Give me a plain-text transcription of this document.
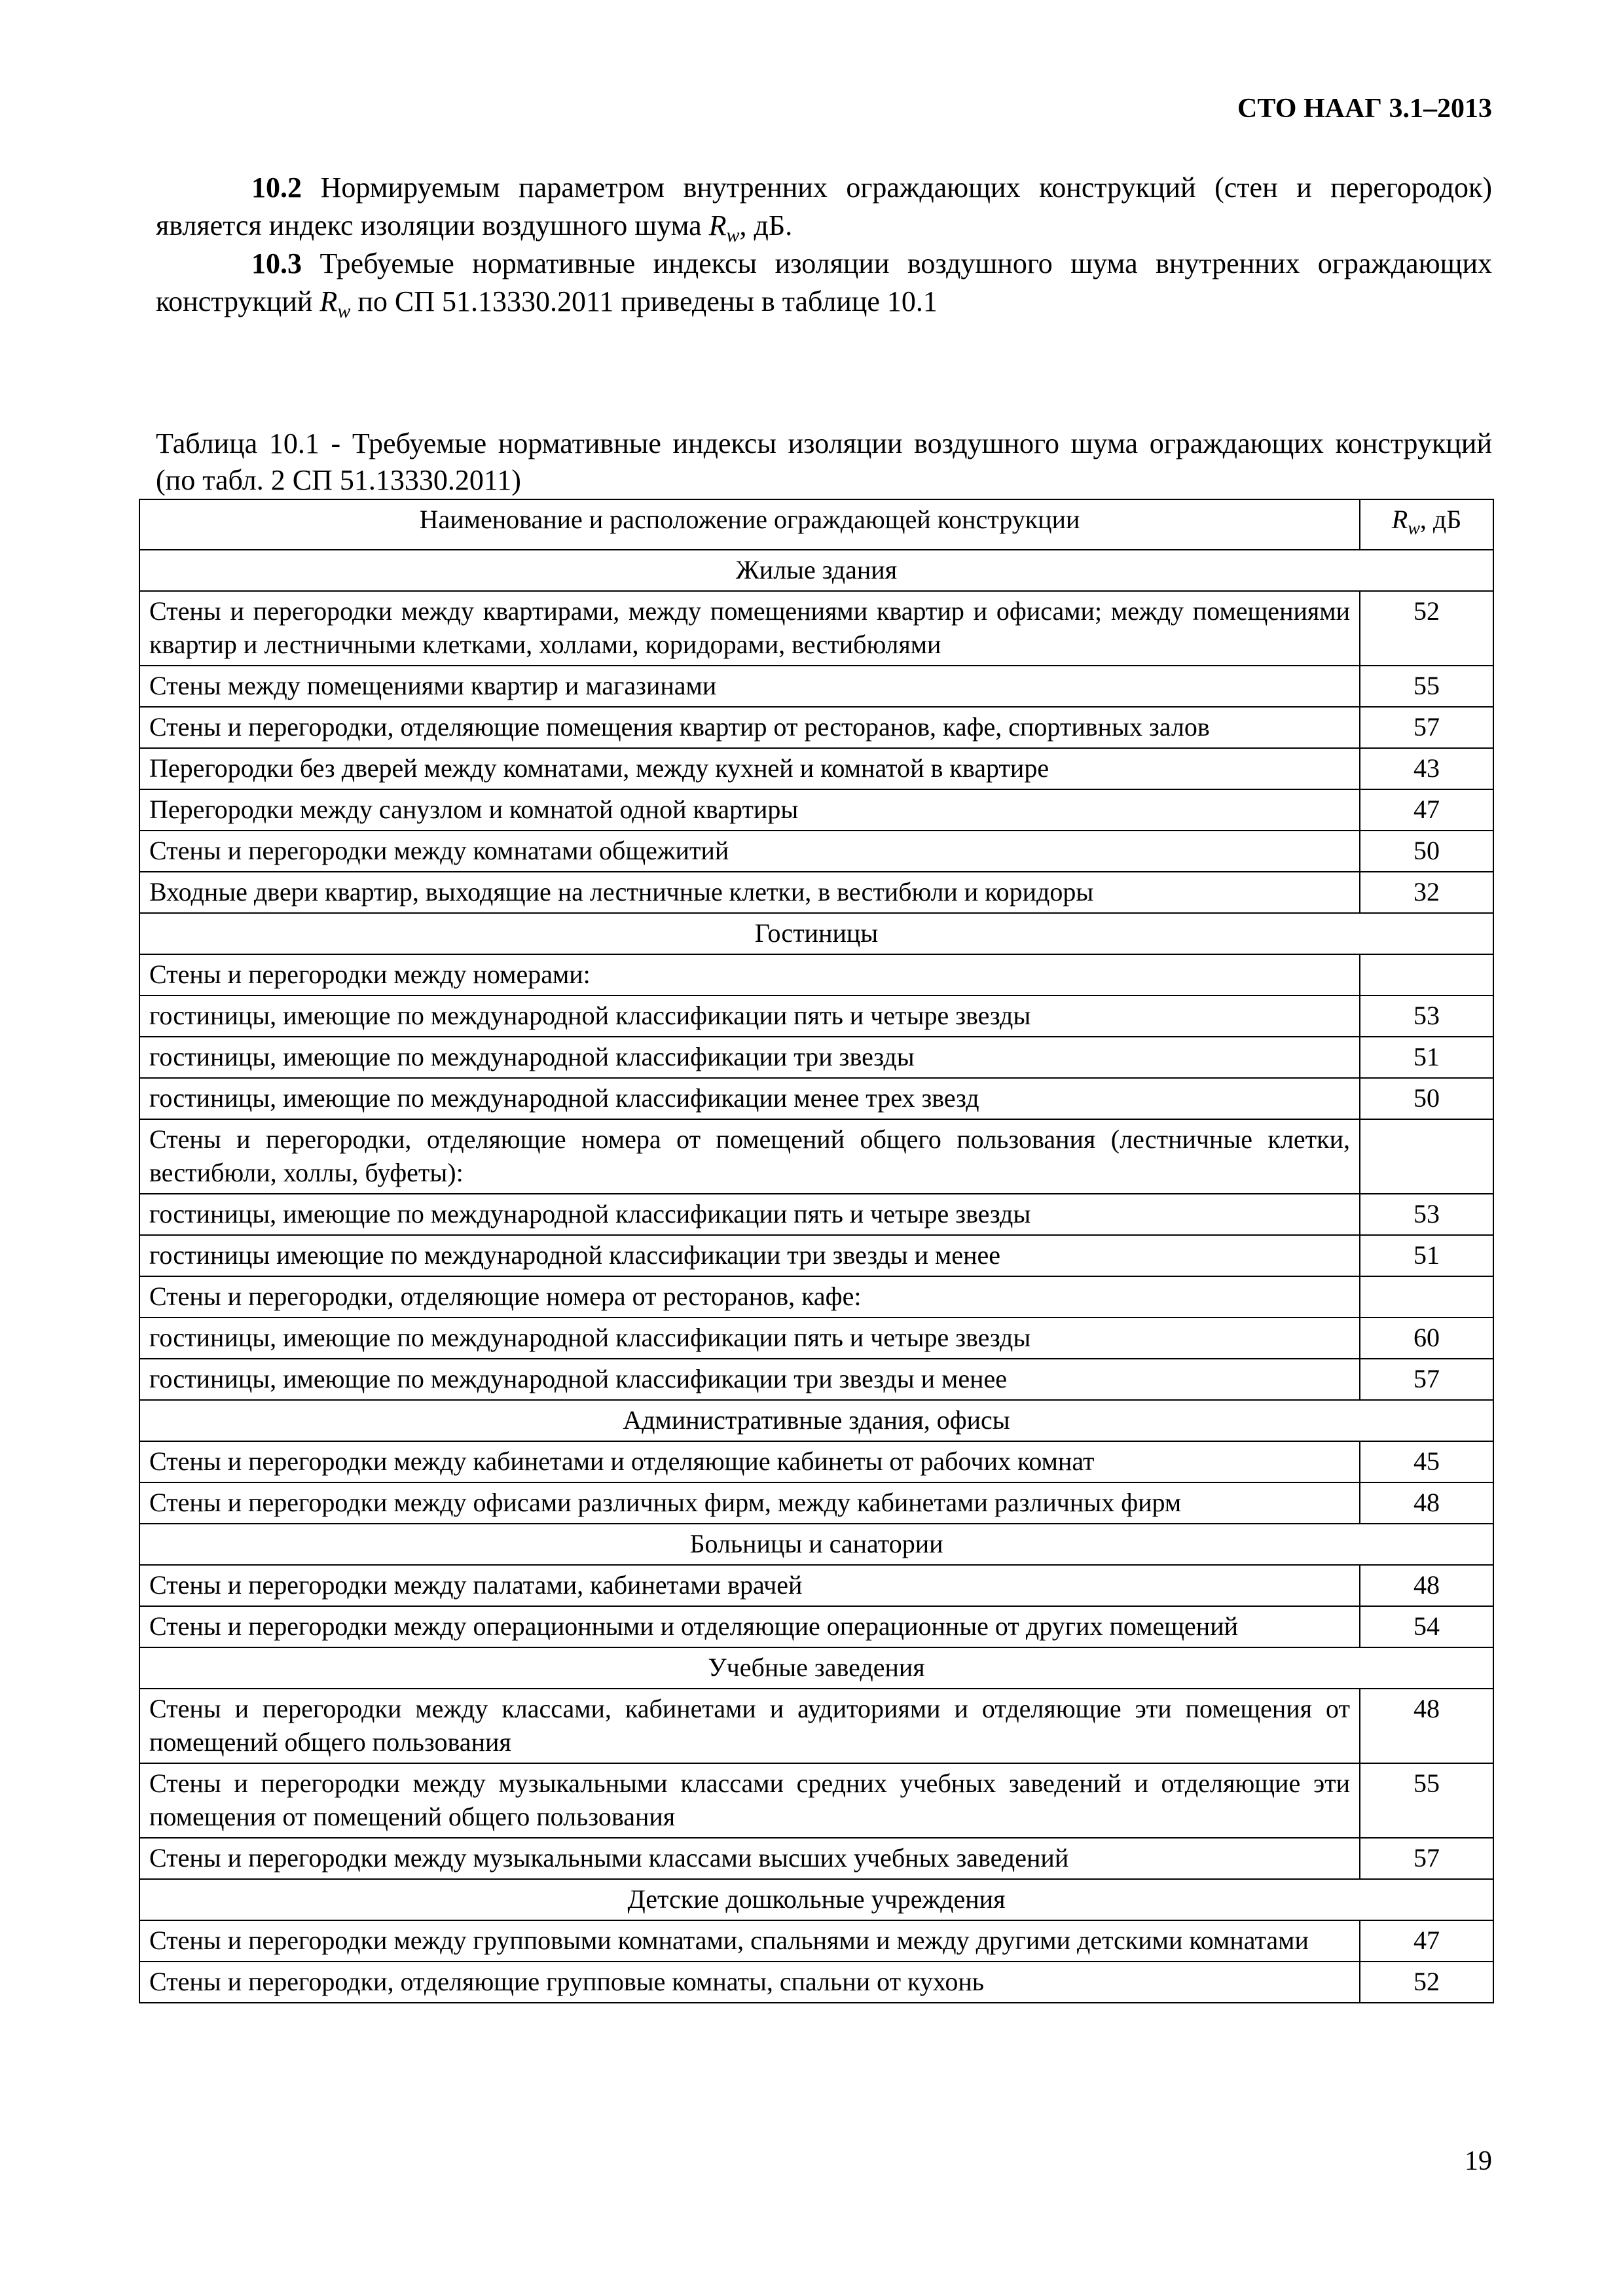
СТО НААГ 3.1–2013

10.2 Нормируемым параметром внутренних ограждающих конструкций (стен и перегородок) является индекс изоляции воздушного шума $R_w$, дБ.

10.3 Требуемые нормативные индексы изоляции воздушного шума внутренних ограждающих конструкций $R_w$ по СП 51.13330.2011 приведены в таблице 10.1

Таблица 10.1 - Требуемые нормативные индексы изоляции воздушного шума ограждающих конструкций (по табл. 2 СП 51.13330.2011)

Наименование и расположение ограждающей конструкции	$R_w$, дБ
Жилые здания	
Стены и перегородки между квартирами, между помещениями квартир и офисами; между помещениями квартир и лестничными клетками, холлами, коридорами, вестибюлями	52
Стены между помещениями квартир и магазинами	55
Стены и перегородки, отделяющие помещения квартир от ресторанов, кафе, спортивных залов	57
Перегородки без дверей между комнатами, между кухней и комнатой в квартире	43
Перегородки между санузлом и комнатой одной квартиры	47
Стены и перегородки между комнатами общежитий	50
Входные двери квартир, выходящие на лестничные клетки, в вестибюли и коридоры	32
Гостиницы	
Стены и перегородки между номерами:	
гостиницы, имеющие по международной классификации пять и четыре звезды	53
гостиницы, имеющие по международной классификации три звезды	51
гостиницы, имеющие по международной классификации менее трех звезд	50
Стены и перегородки, отделяющие номера от помещений общего пользования (лестничные клетки, вестибюли, холлы, буфеты):	
гостиницы, имеющие по международной классификации пять и четыре звезды	53
гостиницы имеющие по международной классификации три звезды и менее	51
Стены и перегородки, отделяющие номера от ресторанов, кафе:	
гостиницы, имеющие по международной классификации пять и четыре звезды	60
гостиницы, имеющие по международной классификации три звезды и менее	57
Административные здания, офисы	
Стены и перегородки между кабинетами и отделяющие кабинеты от рабочих комнат	45
Стены и перегородки между офисами различных фирм, между кабинетами различных фирм	48
Больницы и санатории	
Стены и перегородки между палатами, кабинетами врачей	48
Стены и перегородки между операционными и отделяющие операционные от других помещений	54
Учебные заведения	
Стены и перегородки между классами, кабинетами и аудиториями и отделяющие эти помещения от помещений общего пользования	48
Стены и перегородки между музыкальными классами средних учебных заведений и отделяющие эти помещения от помещений общего пользования	55
Стены и перегородки между музыкальными классами высших учебных заведений	57
Детские дошкольные учреждения	
Стены и перегородки между групповыми комнатами, спальнями и между другими детскими комнатами	47
Стены и перегородки, отделяющие групповые комнаты, спальни от кухонь	52
19
